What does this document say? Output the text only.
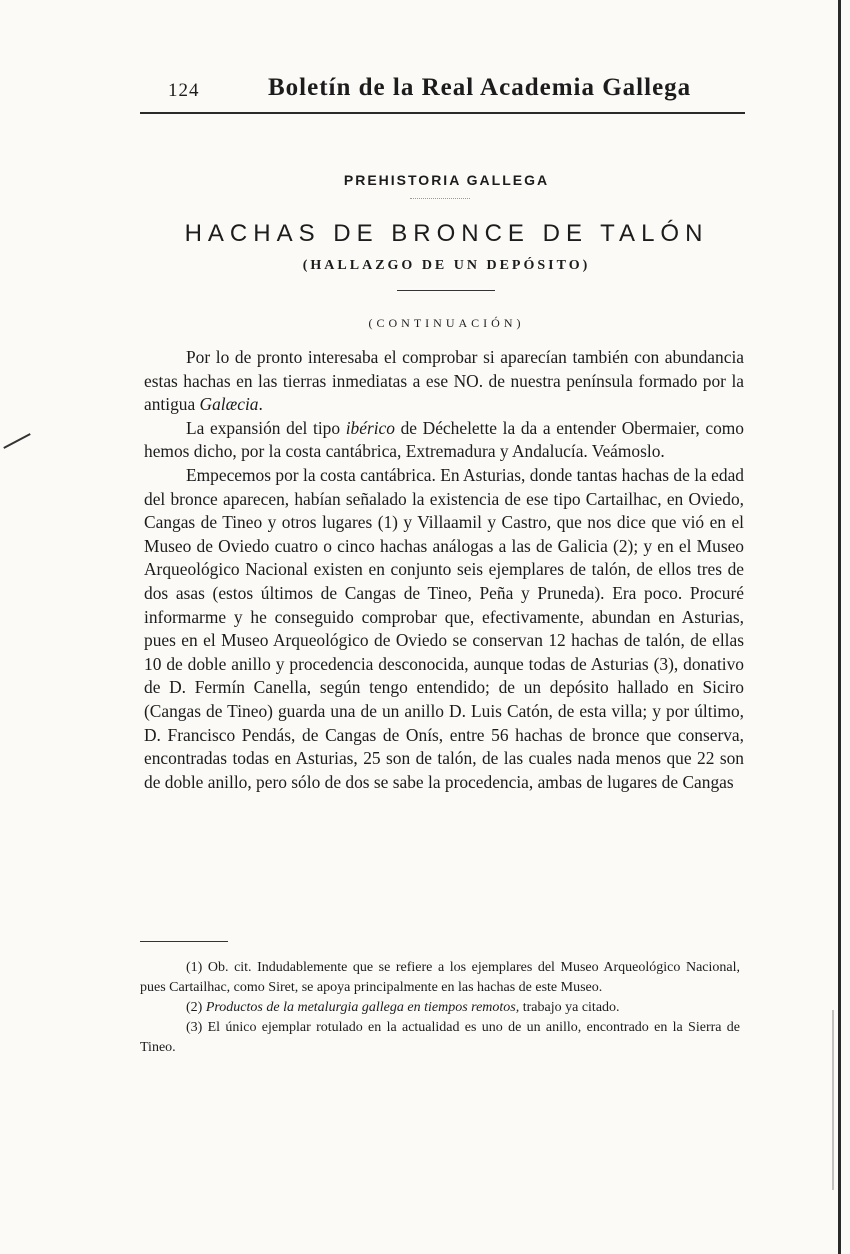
124	Boletín de la Real Academia Gallega
PREHISTORIA GALLEGA
HACHAS DE BRONCE DE TALÓN
(HALLAZGO DE UN DEPÓSITO)
(CONTINUACIÓN)

Por lo de pronto interesaba el comprobar si aparecían también con abundancia estas hachas en las tierras inmediatas a ese NO. de nuestra península formado por la antigua Galæcia.

La expansión del tipo ibérico de Déchelette la da a entender Obermaier, como hemos dicho, por la costa cantábrica, Extremadura y Andalucía. Veámoslo.

Empecemos por la costa cantábrica. En Asturias, donde tantas hachas de la edad del bronce aparecen, habían señalado la existencia de ese tipo Cartailhac, en Oviedo, Cangas de Tineo y otros lugares (1) y Villaamil y Castro, que nos dice que vió en el Museo de Oviedo cuatro o cinco hachas análogas a las de Galicia (2); y en el Museo Arqueológico Nacional existen en conjunto seis ejemplares de talón, de ellos tres de dos asas (estos últimos de Cangas de Tineo, Peña y Pruneda). Era poco. Procuré informarme y he conseguido comprobar que, efectivamente, abundan en Asturias, pues en el Museo Arqueológico de Oviedo se conservan 12 hachas de talón, de ellas 10 de doble anillo y procedencia desconocida, aunque todas de Asturias (3), donativo de D. Fermín Canella, según tengo entendido; de un depósito hallado en Siciro (Cangas de Tineo) guarda una de un anillo D. Luis Catón, de esta villa; y por último, D. Francisco Pendás, de Cangas de Onís, entre 56 hachas de bronce que conserva, encontradas todas en Asturias, 25 son de talón, de las cuales nada menos que 22 son de doble anillo, pero sólo de dos se sabe la procedencia, ambas de lugares de Cangas

(1) Ob. cit. Indudablemente que se refiere a los ejemplares del Museo Arqueológico Nacional, pues Cartailhac, como Siret, se apoya principalmente en las hachas de este Museo.

(2) Productos de la metalurgia gallega en tiempos remotos, trabajo ya citado.

(3) El único ejemplar rotulado en la actualidad es uno de un anillo, encontrado en la Sierra de Tineo.
